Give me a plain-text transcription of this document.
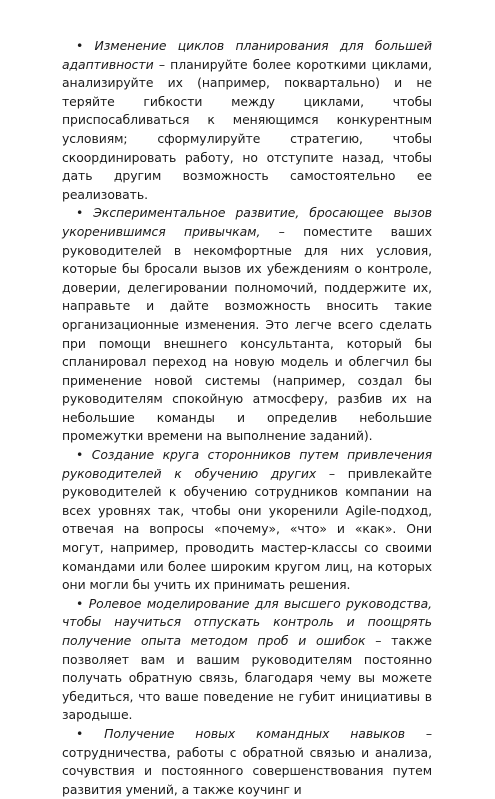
• Изменение циклов планирования для большей адаптивности – планируйте более короткими циклами, анализируйте их (например, поквартально) и не теряйте гибкости между циклами, чтобы приспосабливаться к меняющимся конкурентным условиям; сформулируйте стратегию, чтобы скоординировать работу, но отступите назад, чтобы дать другим возможность самостоятельно ее реализовать.

• Экспериментальное развитие, бросающее вызов укоренившимся привычкам, – поместите ваших руководителей в некомфортные для них условия, которые бы бросали вызов их убеждениям о контроле, доверии, делегировании полномочий, поддержите их, направьте и дайте возможность вносить такие организационные изменения. Это легче всего сделать при помощи внешнего консультанта, который бы спланировал переход на новую модель и облегчил бы применение новой системы (например, создал бы руководителям спокойную атмосферу, разбив их на небольшие команды и определив небольшие промежутки времени на выполнение заданий).

• Создание круга сторонников путем привлечения руководителей к обучению других – привлекайте руководителей к обучению сотрудников компании на всех уровнях так, чтобы они укоренили Agile-подход, отвечая на вопросы «почему», «что» и «как». Они могут, например, проводить мастер-классы со своими командами или более широким кругом лиц, на которых они могли бы учить их принимать решения.

• Ролевое моделирование для высшего руководства, чтобы научиться отпускать контроль и поощрять получение опыта методом проб и ошибок – также позволяет вам и вашим руководителям постоянно получать обратную связь, благодаря чему вы можете убедиться, что ваше поведение не губит инициативы в зародыше.

• Получение новых командных навыков – сотрудничества, работы с обратной связью и анализа, сочувствия и постоянного совершенствования путем развития умений, а также коучинг и
